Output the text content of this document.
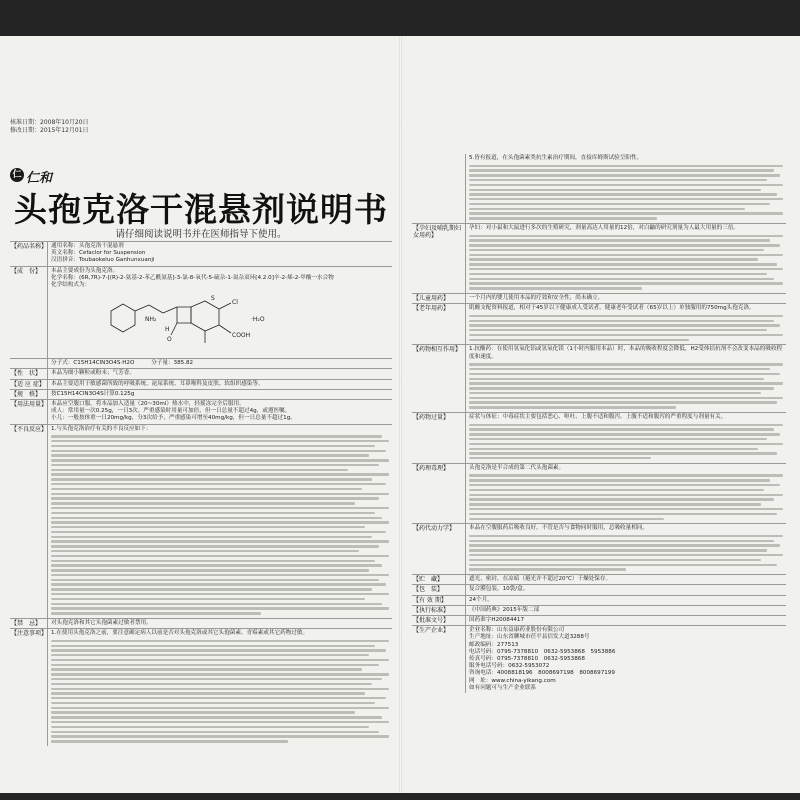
核准日期：2008年10月20日
修改日期：2015年12月01日
仁 仁和
头孢克洛干混悬剂说明书
请仔细阅读说明书并在医师指导下使用。
【药品名称】 通用名称：头孢克洛干混悬剂

英文名称：Cefaclor for Suspension

汉语拼音：Toubaokeluo Ganhunxuanji

【成　份】	本品主要成份为头孢克洛。

化学名称：(6R,7R)-7-[(R)-2-氨基-2-苯乙酰氨基]-3-氯-8-氧代-5-硫杂-1-氮杂双环[4.2.0]辛-2-烯-2-甲酸一水合物

化学结构式为：

NH₂
H
S
Cl
COOH
O
·H₂O

分子式：C15H14ClN3O4S·H2O　　　分子量：385.82

【性　状】	本品为细小颗粒或粉末；气芳香。

【适 应 症】	本品主要适用于敏感菌所致的呼吸系统、泌尿系统、耳鼻喉科及皮肤、软组织感染等。

【规　格】	按C15H14ClN3O4S计算0.125g

【用法用量】 本品应空腹口服。将本品加入适量（20~30ml）热水中，轻摇冻完全后服用。

成人：常用量一次0.25g，一日3次。严重感染时用量可加倍，但一日总量不超过4g，或遵医嘱。

小儿：一般按体重一日20mg/kg，分3次给予，严重感染可增至40mg/kg，但一日总量不超过1g。

【不良反应】 1.与头孢克洛治疗有关的不良反应如下：

【禁　忌】	对头孢克洛和其它头孢菌素过敏者禁用。

【注意事项】 1.在使用头孢克洛之前，要注意确定病人以前是否对头孢克洛或其它头孢菌素、青霉素或其它药物过敏。

5.皆有报道，在头孢菌素类抗生素治疗期间，直接库姆斯试验呈阳性。

【孕妇及哺乳期妇女用药】

孕妇：对小鼠和大鼠进行多次的生殖研究，剂量高达人用量的12倍，对白鼬的研究剂量为人最大用量的三倍。

【儿童用药】	一个月内的婴儿使用本品的疗效和安全性，尚未确立。

【老年用药】	肌酸支配资料报道，相对于45岁以下健康成人受试者，健康老年受试者（65岁以上）单独服用的750mg头孢克洛。

【药物相互作用】	1.抗酸药：在使用氢氧化铝或氢氧化镁（1小时内服用本品）时，本品的吸收程度会降低，H2受体拮抗剂不会改变本品的吸收程度和速度。

【药物过量】	症状与体征：中毒症状主要包括恶心、呕吐、上腹不适和腹泻。上腹不适和腹泻的严重程度与剂量有关。

【药理毒理】	头孢克洛是半合成的第二代头孢菌素。

【药代动力学】	本品在空腹服药后吸收良好，不管是否与食物同时服用，总吸收量相同。

【贮　藏】	遮光，密封，在凉暗（避光并不超过20℃）干燥处保存。

【包　装】	复合膜包装，10袋/盒。

【有 效 期】	24个月。

【执行标准】	《中国药典》2015年版二部

【批准文号】	国药准字H20084417

【生产企业】	企业名称：山东益康药业股份有限公司

生产地址：山东省聊城市茌平县信发大道3288号

邮政编码：277513

电话号码：0795-7378810　0632-5953868　5953886

传真号码：0795-7378810　0632-5953868

服务电话号码：0632-5953072

咨询电话：4008818196　8008697198　8008697199

网　址：www.china-yikang.com

如有问题可与生产企业联系
